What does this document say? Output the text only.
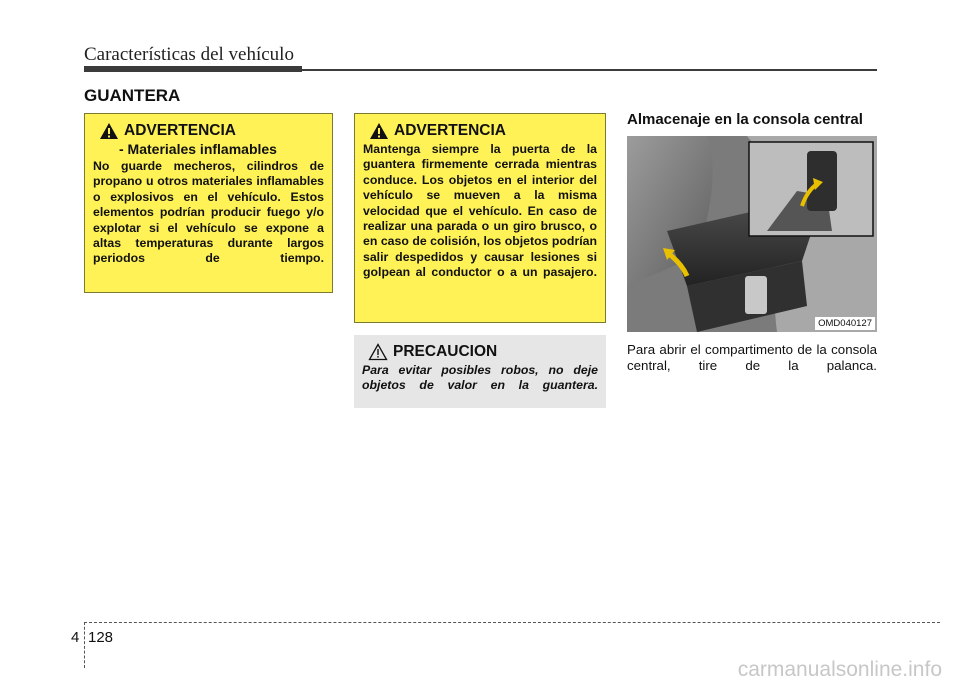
Características del vehículo
GUANTERA
ADVERTENCIA
- Materiales inflamables
No guarde mecheros, cilindros de propano u otros materiales inflamables o explosivos en el vehículo. Estos elementos podrían producir fuego y/o explotar si el vehículo se expone a altas temperaturas durante largos periodos de tiempo.
ADVERTENCIA
Mantenga siempre la puerta de la guantera firmemente cerrada mientras conduce. Los objetos en el interior del vehículo se mueven a la misma velocidad que el vehículo. En caso de realizar una parada o un giro brusco, o en caso de colisión, los objetos podrían salir despedidos y causar lesiones si golpean al conductor o a un pasajero.
PRECAUCION
Para evitar posibles robos, no deje objetos de valor en la guantera.
Almacenaje en la consola central
OMD040127
Para abrir el compartimento de la consola central, tire de la palanca.
4 128
carmanualsonline.info
